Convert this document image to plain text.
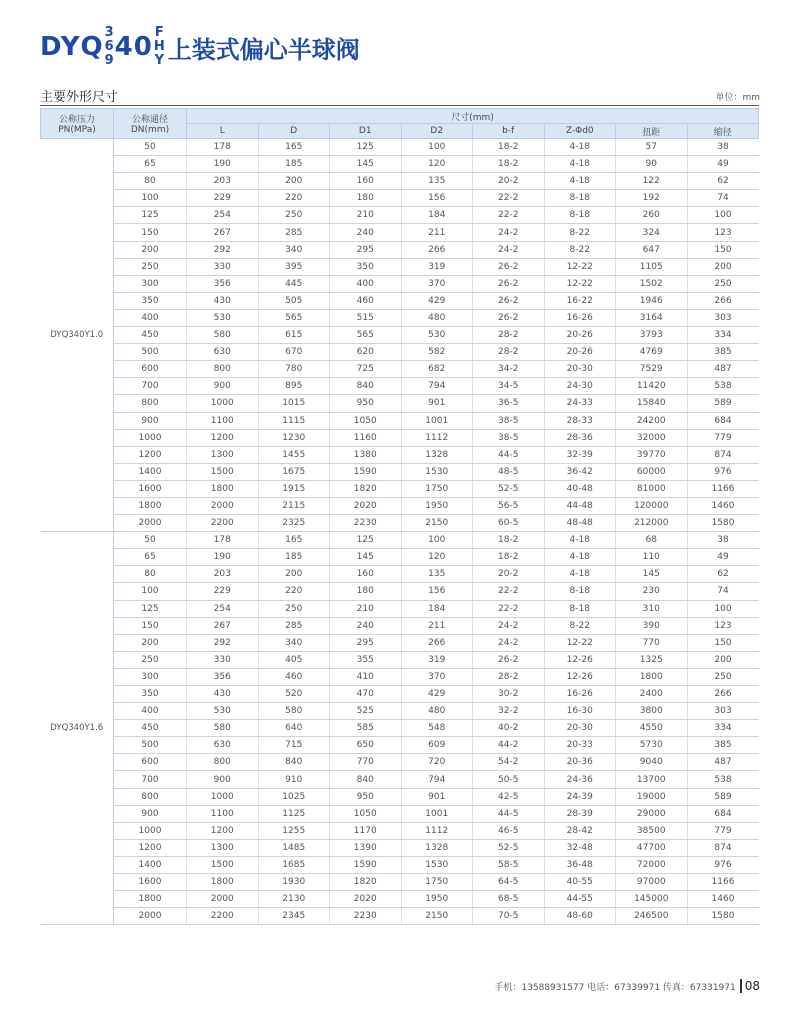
DYQ 3
6
9 40 F
H
Y 上装式偏心半球阀
主要外形尺寸	单位：mm
公称压力 PN(MPa)	公称通径 DN(mm)	尺寸(mm)							
		L	D	D1	D2	b-f	Z-Φd0	扭距	缩径
DYQ340Y1.0	50	178	165	125	100	18-2	4-18	57	38
	65	190	185	145	120	18-2	4-18	90	49
	80	203	200	160	135	20-2	4-18	122	62
	100	229	220	180	156	22-2	8-18	192	74
	125	254	250	210	184	22-2	8-18	260	100
	150	267	285	240	211	24-2	8-22	324	123
	200	292	340	295	266	24-2	8-22	647	150
	250	330	395	350	319	26-2	12-22	1105	200
	300	356	445	400	370	26-2	12-22	1502	250
	350	430	505	460	429	26-2	16-22	1946	266
	400	530	565	515	480	26-2	16-26	3164	303
	450	580	615	565	530	28-2	20-26	3793	334
	500	630	670	620	582	28-2	20-26	4769	385
	600	800	780	725	682	34-2	20-30	7529	487
	700	900	895	840	794	34-5	24-30	11420	538
	800	1000	1015	950	901	36-5	24-33	15840	589
	900	1100	1115	1050	1001	38-5	28-33	24200	684
	1000	1200	1230	1160	1112	38-5	28-36	32000	779
	1200	1300	1455	1380	1328	44-5	32-39	39770	874
	1400	1500	1675	1590	1530	48-5	36-42	60000	976
	1600	1800	1915	1820	1750	52-5	40-48	81000	1166
	1800	2000	2115	2020	1950	56-5	44-48	120000	1460
	2000	2200	2325	2230	2150	60-5	48-48	212000	1580
DYQ340Y1.6	50	178	165	125	100	18-2	4-18	68	38
	65	190	185	145	120	18-2	4-18	110	49
	80	203	200	160	135	20-2	4-18	145	62
	100	229	220	180	156	22-2	8-18	230	74
	125	254	250	210	184	22-2	8-18	310	100
	150	267	285	240	211	24-2	8-22	390	123
	200	292	340	295	266	24-2	12-22	770	150
	250	330	405	355	319	26-2	12-26	1325	200
	300	356	460	410	370	28-2	12-26	1800	250
	350	430	520	470	429	30-2	16-26	2400	266
	400	530	580	525	480	32-2	16-30	3800	303
	450	580	640	585	548	40-2	20-30	4550	334
	500	630	715	650	609	44-2	20-33	5730	385
	600	800	840	770	720	54-2	20-36	9040	487
	700	900	910	840	794	50-5	24-36	13700	538
	800	1000	1025	950	901	42-5	24-39	19000	589
	900	1100	1125	1050	1001	44-5	28-39	29000	684
	1000	1200	1255	1170	1112	46-5	28-42	38500	779
	1200	1300	1485	1390	1328	52-5	32-48	47700	874
	1400	1500	1685	1590	1530	58-5	36-48	72000	976
	1600	1800	1930	1820	1750	64-5	40-55	97000	1166
	1800	2000	2130	2020	1950	68-5	44-55	145000	1460
	2000	2200	2345	2230	2150	70-5	48-60	246500	1580
手机：13588931577 电话：67339971 传真：67331971 08
